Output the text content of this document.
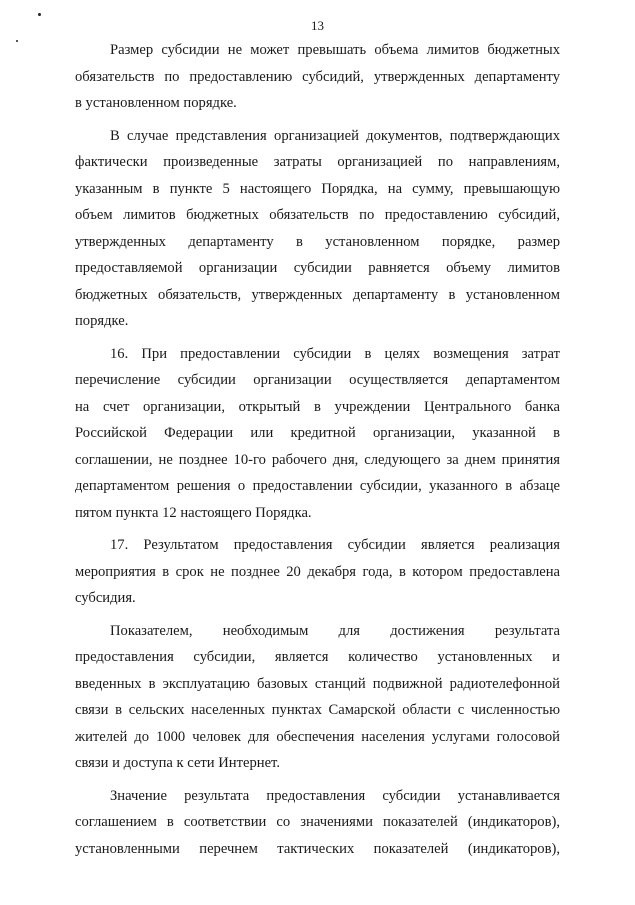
13

Размер субсидии не может превышать объема лимитов бюджетных
обязательств по предоставлению субсидий, утвержденных департаменту
в установленном порядке.

В случае представления организацией документов, подтверждающих
фактически произведенные затраты организацией по направлениям,
указанным в пункте 5 настоящего Порядка, на сумму, превышающую
объем лимитов бюджетных обязательств по предоставлению субсидий,
утвержденных департаменту в установленном порядке, размер
предоставляемой организации субсидии равняется объему лимитов
бюджетных обязательств, утвержденных департаменту в установленном
порядке.

16. При предоставлении субсидии в целях возмещения затрат
перечисление субсидии организации осуществляется департаментом
на счет организации, открытый в учреждении Центрального банка
Российской Федерации или кредитной организации, указанной в
соглашении, не позднее 10-го рабочего дня, следующего за днем принятия
департаментом решения о предоставлении субсидии, указанного в абзаце
пятом пункта 12 настоящего Порядка.

17. Результатом предоставления субсидии является реализация
мероприятия в срок не позднее 20 декабря года, в котором предоставлена
субсидия.

Показателем, необходимым для достижения результата
предоставления субсидии, является количество установленных и
введенных в эксплуатацию базовых станций подвижной радиотелефонной
связи в сельских населенных пунктах Самарской области с численностью
жителей до 1000 человек для обеспечения населения услугами голосовой
связи и доступа к сети Интернет.

Значение результата предоставления субсидии устанавливается
соглашением в соответствии со значениями показателей (индикаторов),
установленными перечнем тактических показателей (индикаторов),
